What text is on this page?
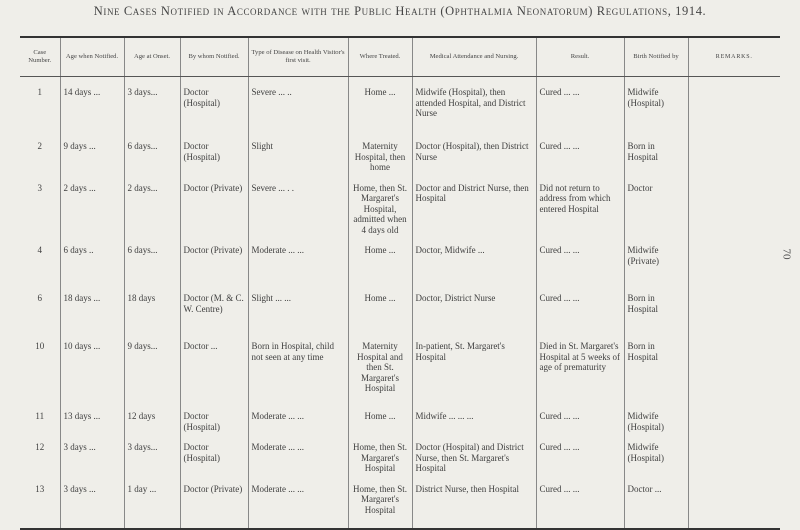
Nine Cases Notified in Accordance with the Public Health (Ophthalmia Neonatorum) Regulations, 1914.
70
Case Number.	Age when Notified.	Age at Onset.	By whom Notified.	Type of Disease on Health Visitor's first visit.	Where Treated.	Medical Attendance and Nursing.	Result.	Birth Notified by	REMARKS.
1	14 days ...	3 days...	Doctor (Hospital)	Severe ... ..	Home ...	Midwife (Hospital), then attended Hospital, and District Nurse	Cured ... ...	Midwife (Hospital)	
2	9 days ...	6 days...	Doctor (Hospital)	Slight	Maternity Hospital, then home	Doctor (Hospital), then District Nurse	Cured ... ...	Born in Hospital	
3	2 days ...	2 days...	Doctor (Private)	Severe ... . .	Home, then St. Margaret's Hospital, admitted when 4 days old	Doctor and District Nurse, then Hospital	Did not return to address from which entered Hospital	Doctor	
4	6 days ..	6 days...	Doctor (Private)	Moderate ... ...	Home ...	Doctor, Midwife ...	Cured ... ...	Midwife (Private)	
6	18 days ...	18 days	Doctor (M. & C. W. Centre)	Slight ... ...	Home ...	Doctor, District Nurse	Cured ... ...	Born in Hospital	
10	10 days ...	9 days...	Doctor ...	Born in Hospital, child not seen at any time	Maternity Hospital and then St. Margaret's Hospital	In-patient, St. Margaret's Hospital	Died in St. Margaret's Hospital at 5 weeks of age of prematurity	Born in Hospital	
11	13 days ...	12 days	Doctor (Hospital)	Moderate ... ...	Home ...	Midwife ... ... ...	Cured ... ...	Midwife (Hospital)	
12	3 days ...	3 days...	Doctor (Hospital)	Moderate ... ...	Home, then St. Margaret's Hospital	Doctor (Hospital) and District Nurse, then St. Margaret's Hospital	Cured ... ...	Midwife (Hospital)	
13	3 days ...	1 day ...	Doctor (Private)	Moderate ... ...	Home, then St. Margaret's Hospital	District Nurse, then Hospital	Cured ... ...	Doctor ...	
